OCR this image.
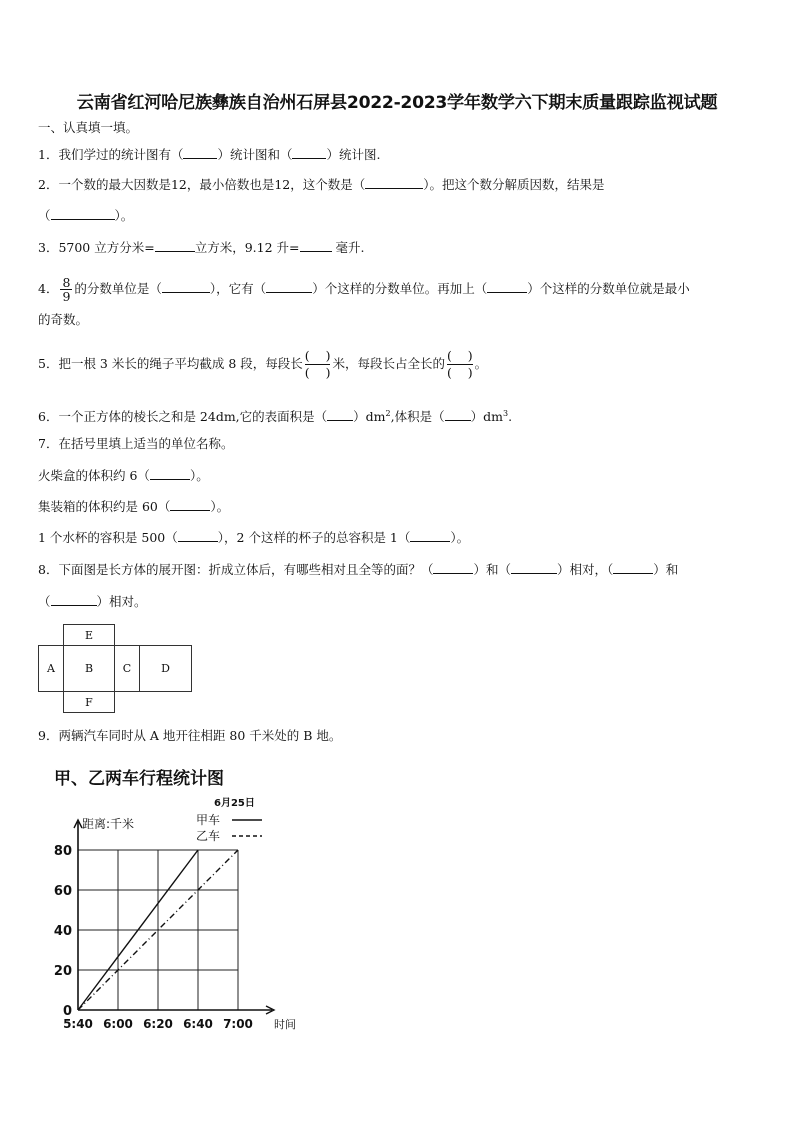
云南省红河哈尼族彝族自治州石屏县2022-2023学年数学六下期末质量跟踪监视试题
一、认真填一填。
1．我们学过的统计图有（	）统计图和（	）统计图.
2．一个数的最大因数是12，最小倍数也是12，这个数是（	）。把这个数分解质因数，结果是
（	）。
3．5700 立方分米=	立方米，9.12 升=	毫升.
4． $\frac{8}{9}$ 的分数单位是（	），它有（	）个这样的分数单位。再加上（	）个这样的分数单位就是最小
的奇数。
5．把一根 3 米长的绳子平均截成 8 段，每段长
( )
( )
米，每段长占全长的
( )
( )
。
6．一个正方体的棱长之和是 24dm,它的表面积是（ ）$dm^2$,体积是（ ）$dm^3$.
7．在括号里填上适当的单位名称。
火柴盒的体积约 6（	）。
集装箱的体积约是 60（	）。
1 个水杯的容积是 500（	），2 个这样的杯子的总容积是 1（	）。
8．下面图是长方体的展开图：折成立体后，有哪些相对且全等的面？（	）和（	）相对，（	）和
（	）相对。
E
A	B	C	D
F
9．两辆汽车同时从 A 地开往相距 80 千米处的 B 地。
甲、乙两车行程统计图
6月25日
0
20
40
60
80
5:40 6:00 6:20 6:40 7:00
距离:千米
时间
甲车
乙车
